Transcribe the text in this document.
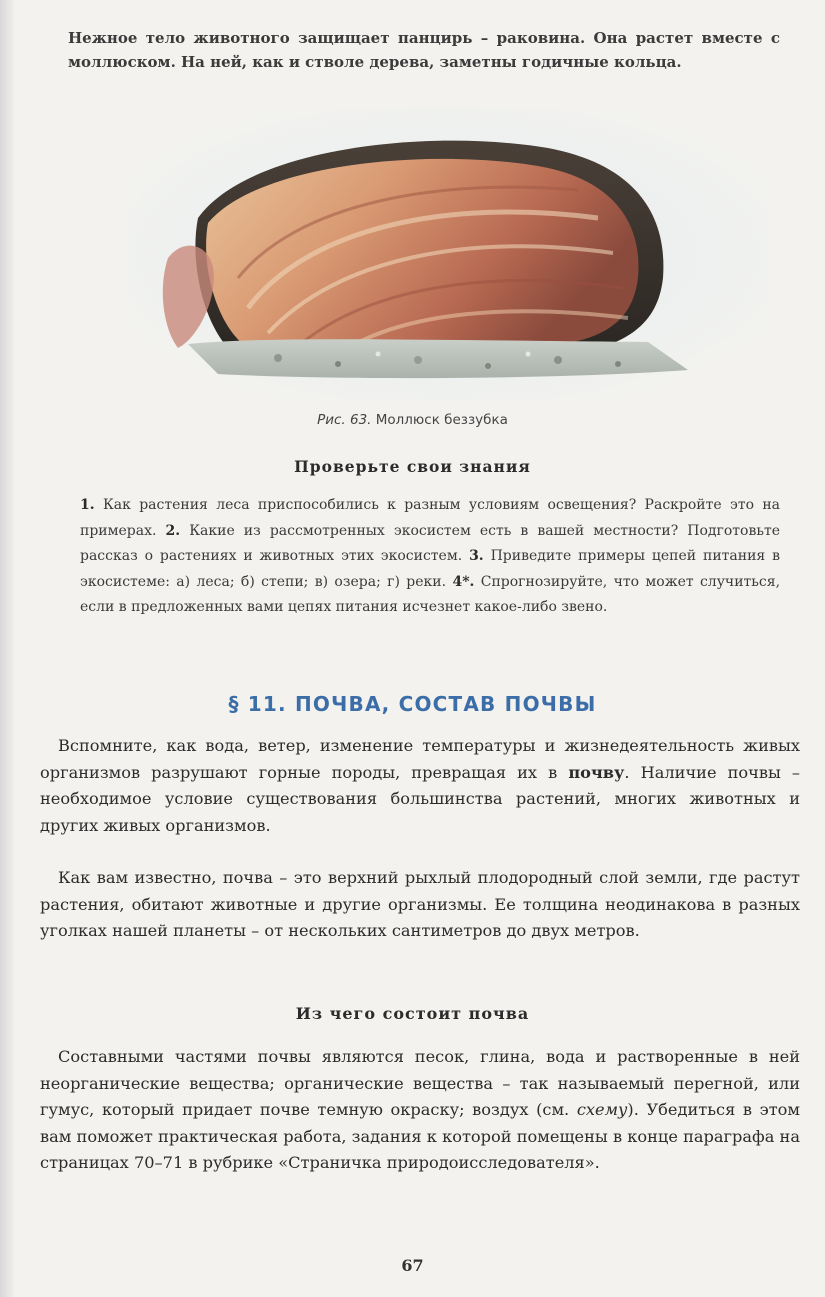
Нежное тело животного защищает панцирь – раковина. Она растет вместе с моллюском. На ней, как и стволе дерева, заметны годичные кольца.

Рис. 63. Моллюск беззубка

Проверьте свои знания

1. Как растения леса приспособились к разным условиям освещения? Раскройте это на примерах. 2. Какие из рассмотренных экосистем есть в вашей местности? Подготовьте рассказ о растениях и животных этих экосистем. 3. Приведите примеры цепей питания в экосистеме: а) леса; б) степи; в) озера; г) реки. 4*. Спрогнозируйте, что может случиться, если в предложенных вами цепях питания исчезнет какое-либо звено.

§ 11. ПОЧВА, СОСТАВ ПОЧВЫ

Вспомните, как вода, ветер, изменение температуры и жизнедеятельность живых организмов разрушают горные породы, превращая их в почву. Наличие почвы – необходимое условие существования большинства растений, многих животных и других живых организмов.

Как вам известно, почва – это верхний рыхлый плодородный слой земли, где растут растения, обитают животные и другие организмы. Ее толщина неодинакова в разных уголках нашей планеты – от нескольких сантиметров до двух метров.

Из чего состоит почва

Составными частями почвы являются песок, глина, вода и растворенные в ней неорганические вещества; органические вещества – так называемый перегной, или гумус, который придает почве темную окраску; воздух (см. схему). Убедиться в этом вам поможет практическая работа, задания к которой помещены в конце параграфа на страницах 70–71 в рубрике «Страничка природоисследователя».

67
